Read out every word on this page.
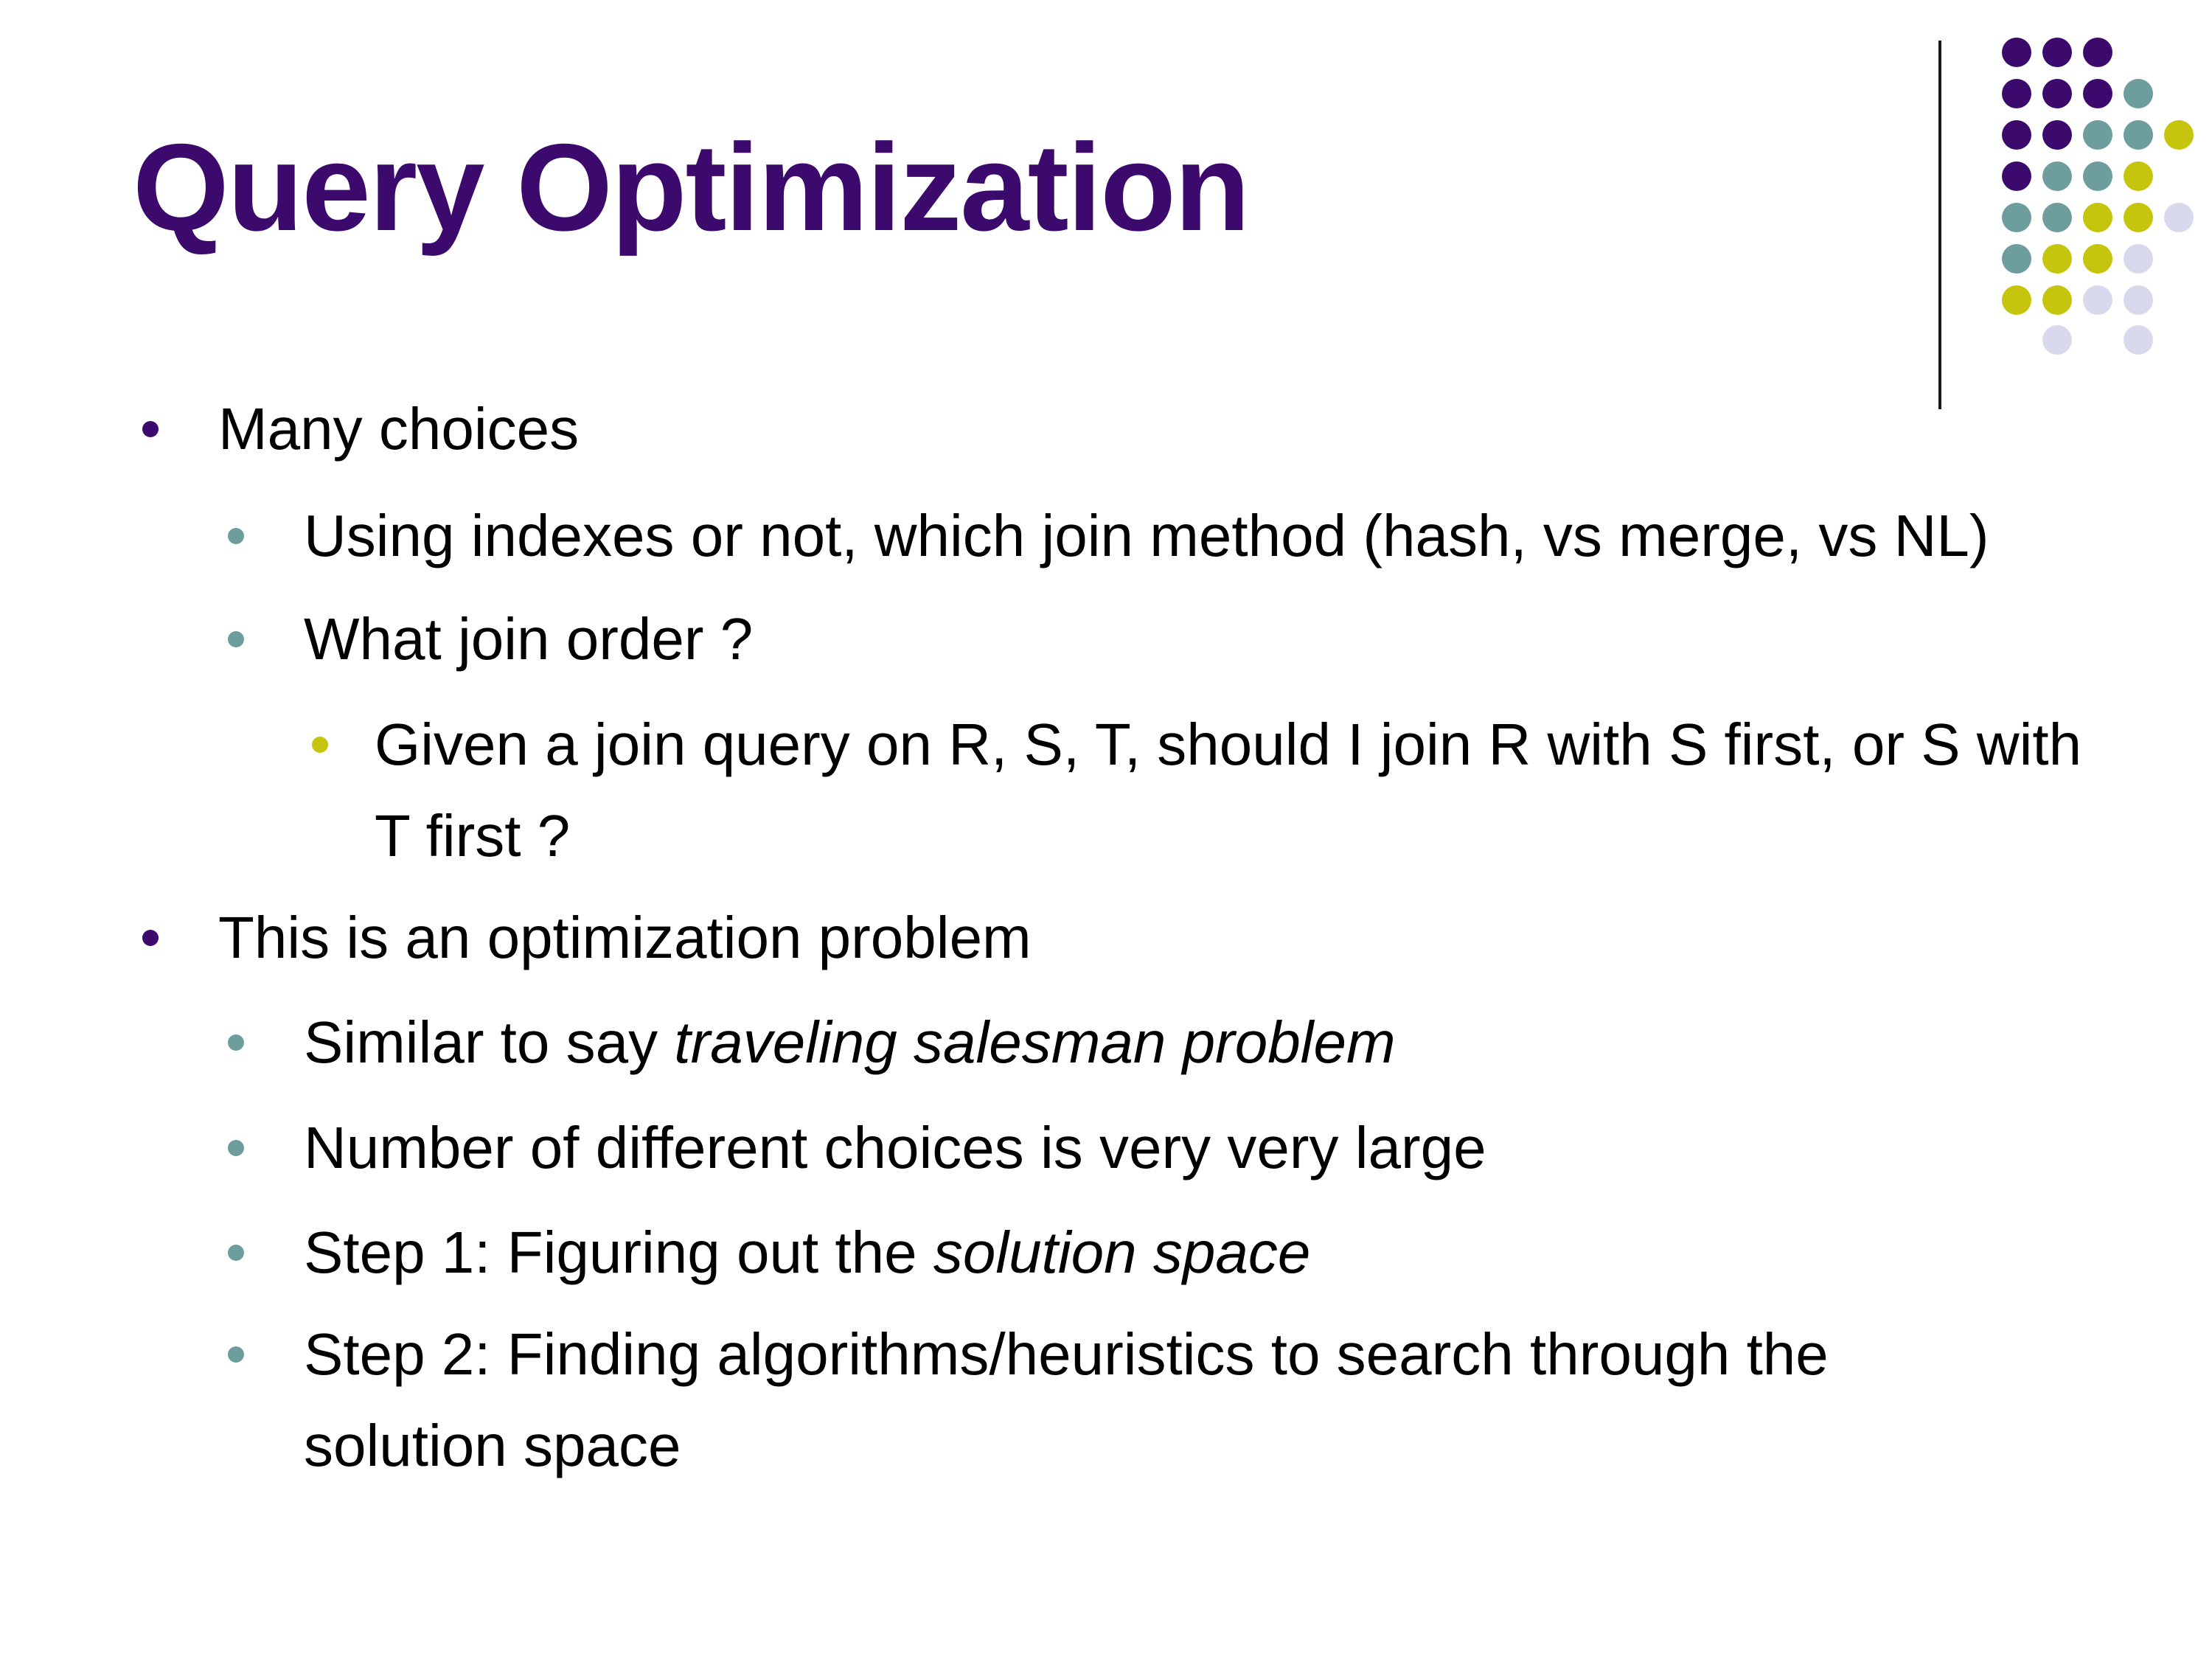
Query Optimization
Many choices
Using indexes or not, which join method (hash, vs merge, vs NL)
What join order ?
Given a join query on R, S, T, should I join R with S first, or S with T first ?
This is an optimization problem
Similar to say traveling salesman problem
Number of different choices is very very large
Step 1: Figuring out the solution space
Step 2: Finding algorithms/heuristics to search through the solution space
